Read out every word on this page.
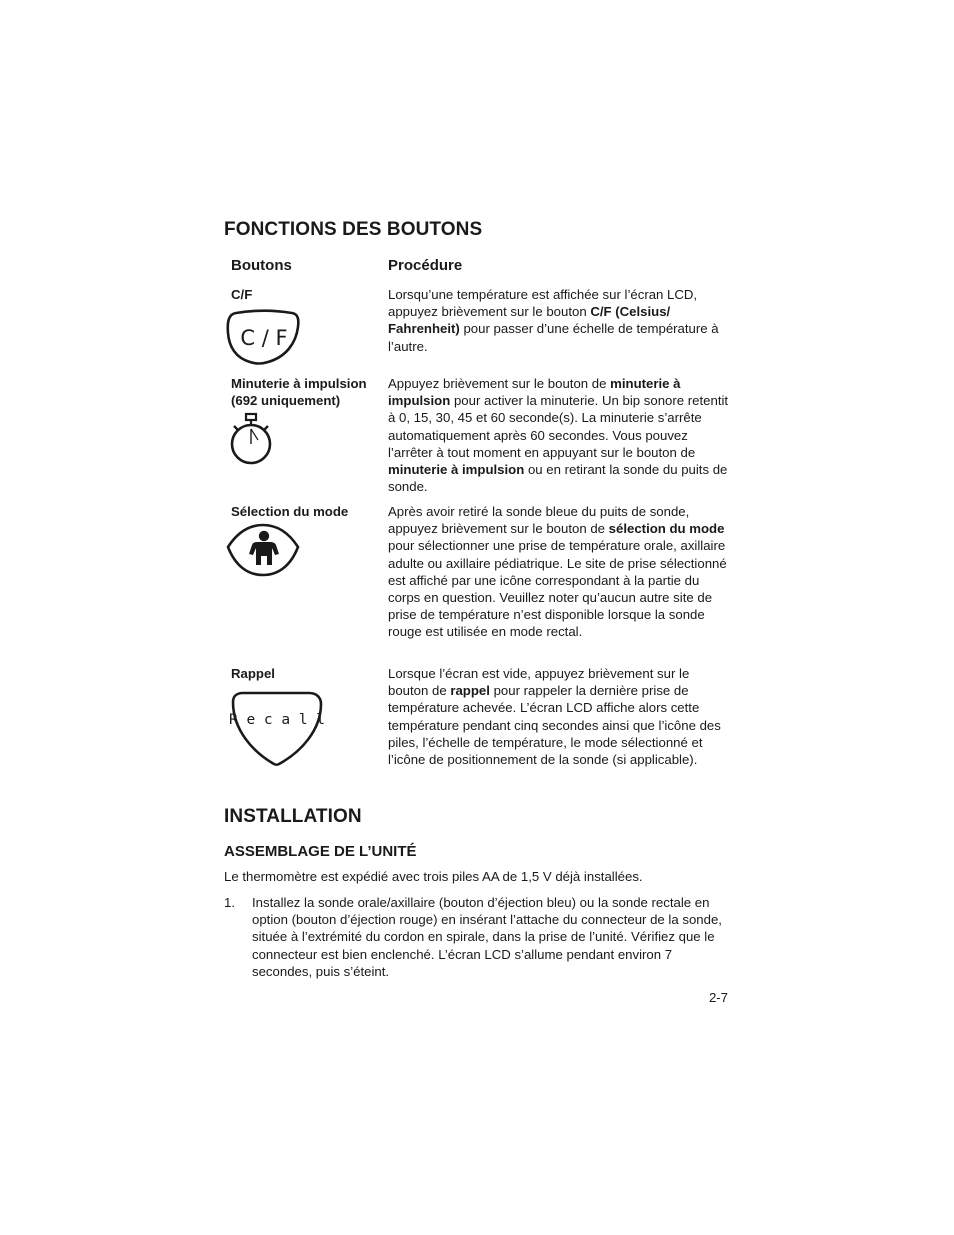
FONCTIONS DES BOUTONS
Boutons	Procédure
C/F
C / F
Lorsqu’une température est affichée sur l’écran LCD, appuyez brièvement sur le bouton C/F (Celsius/ Fahrenheit) pour passer d’une échelle de température à l’autre.
Minuterie à impulsion (692 uniquement)
Appuyez brièvement sur le bouton de minuterie à impulsion pour activer la minuterie. Un bip sonore retentit à 0, 15, 30, 45 et 60 seconde(s). La minuterie s’arrête automatiquement après 60 secondes. Vous pouvez l’arrêter à tout moment en appuyant sur le bouton de minuterie à impulsion ou en retirant la sonde du puits de sonde.
Sélection du mode	Après avoir retiré la sonde bleue du puits de sonde, appuyez brièvement sur le bouton de sélection du mode pour sélectionner une prise de température orale, axillaire adulte ou axillaire pédiatrique. Le site de prise sélectionné est affiché par une icône correspondant à la partie du corps en question. Veuillez noter qu’aucun autre site de prise de température n’est disponible lorsque la sonde rouge est utilisée en mode rectal.
Rappel
R e c a l l
Lorsque l’écran est vide, appuyez brièvement sur le bouton de rappel pour rappeler la dernière prise de température achevée. L’écran LCD affiche alors cette température pendant cinq secondes ainsi que l’icône des piles, l’échelle de température, le mode sélectionné et l’icône de positionnement de la sonde (si applicable).
INSTALLATION
ASSEMBLAGE DE L’UNITÉ
Le thermomètre est expédié avec trois piles AA de 1,5 V déjà installées.
1. Installez la sonde orale/axillaire (bouton d’éjection bleu) ou la sonde rectale en option (bouton d’éjection rouge) en insérant l’attache du connecteur de la sonde, située à l’extrémité du cordon en spirale, dans la prise de l’unité. Vérifiez que le connecteur est bien enclenché. L’écran LCD s’allume pendant environ 7 secondes, puis s’éteint.
2-7
